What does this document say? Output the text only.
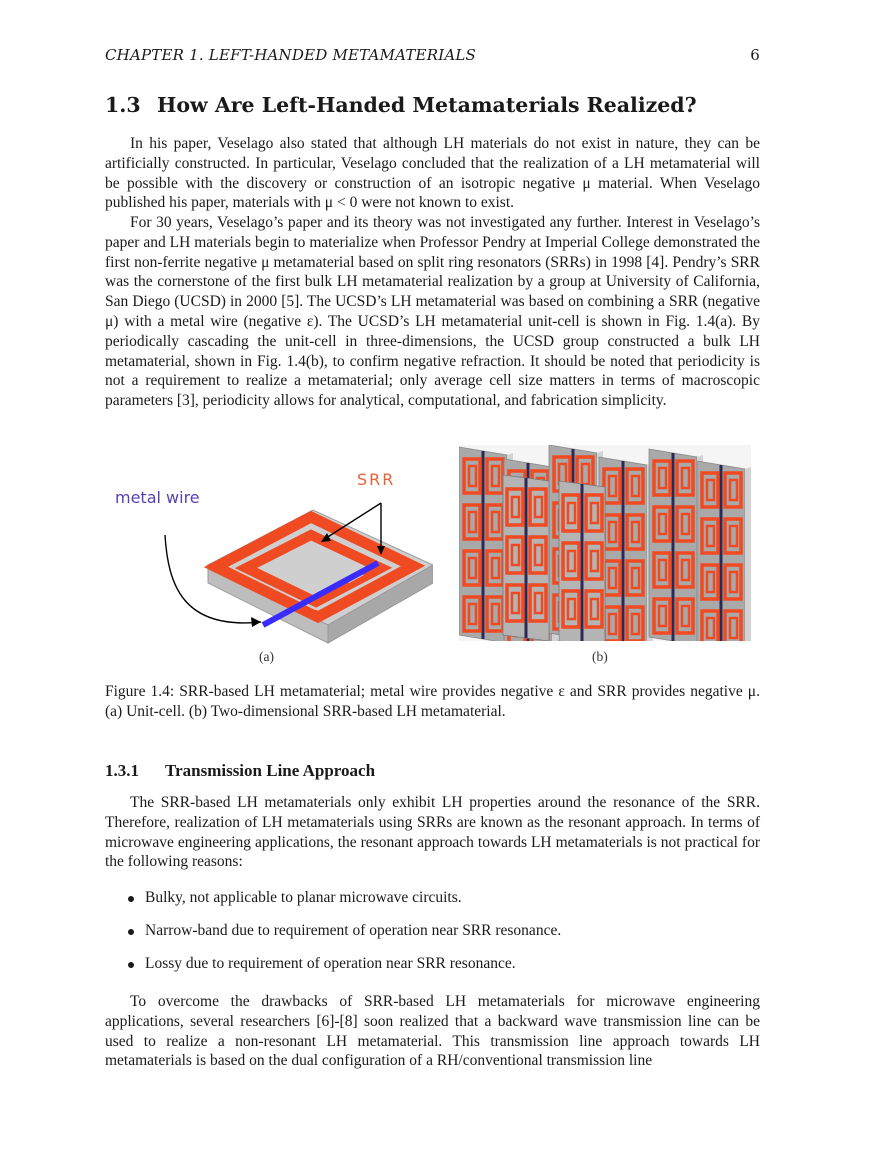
CHAPTER 1. LEFT-HANDED METAMATERIALS	6
1.3 How Are Left-Handed Metamaterials Realized?

In his paper, Veselago also stated that although LH materials do not exist in nature, they can be artificially constructed. In particular, Veselago concluded that the realization of a LH metamaterial will be possible with the discovery or construction of an isotropic negative μ material. When Veselago published his paper, materials with μ < 0 were not known to exist.

For 30 years, Veselago’s paper and its theory was not investigated any further. Interest in Veselago’s paper and LH materials begin to materialize when Professor Pendry at Imperial College demonstrated the first non-ferrite negative μ metamaterial based on split ring resonators (SRRs) in 1998 [4]. Pendry’s SRR was the cornerstone of the first bulk LH metamaterial realization by a group at University of California, San Diego (UCSD) in 2000 [5]. The UCSD’s LH metamaterial was based on combining a SRR (negative μ) with a metal wire (negative ε). The UCSD’s LH metamaterial unit-cell is shown in Fig. 1.4(a). By periodically cascading the unit-cell in three-dimensions, the UCSD group constructed a bulk LH metamaterial, shown in Fig. 1.4(b), to confirm negative refraction. It should be noted that periodicity is not a requirement to realize a metamaterial; only average cell size matters in terms of macroscopic parameters [3], periodicity allows for analytical, computational, and fabrication simplicity.

metal wire
SRR
(a)	(b)

Figure 1.4: SRR-based LH metamaterial; metal wire provides negative ε and SRR provides negative μ. (a) Unit-cell. (b) Two-dimensional SRR-based LH metamaterial.

1.3.1 Transmission Line Approach

The SRR-based LH metamaterials only exhibit LH properties around the resonance of the SRR. Therefore, realization of LH metamaterials using SRRs are known as the resonant approach. In terms of microwave engineering applications, the resonant approach towards LH metamaterials is not practical for the following reasons:

Bulky, not applicable to planar microwave circuits.
Narrow-band due to requirement of operation near SRR resonance.
Lossy due to requirement of operation near SRR resonance.

To overcome the drawbacks of SRR-based LH metamaterials for microwave engineering applications, several researchers [6]-[8] soon realized that a backward wave transmission line can be used to realize a non-resonant LH metamaterial. This transmission line approach towards LH metamaterials is based on the dual configuration of a RH/conventional transmission line
